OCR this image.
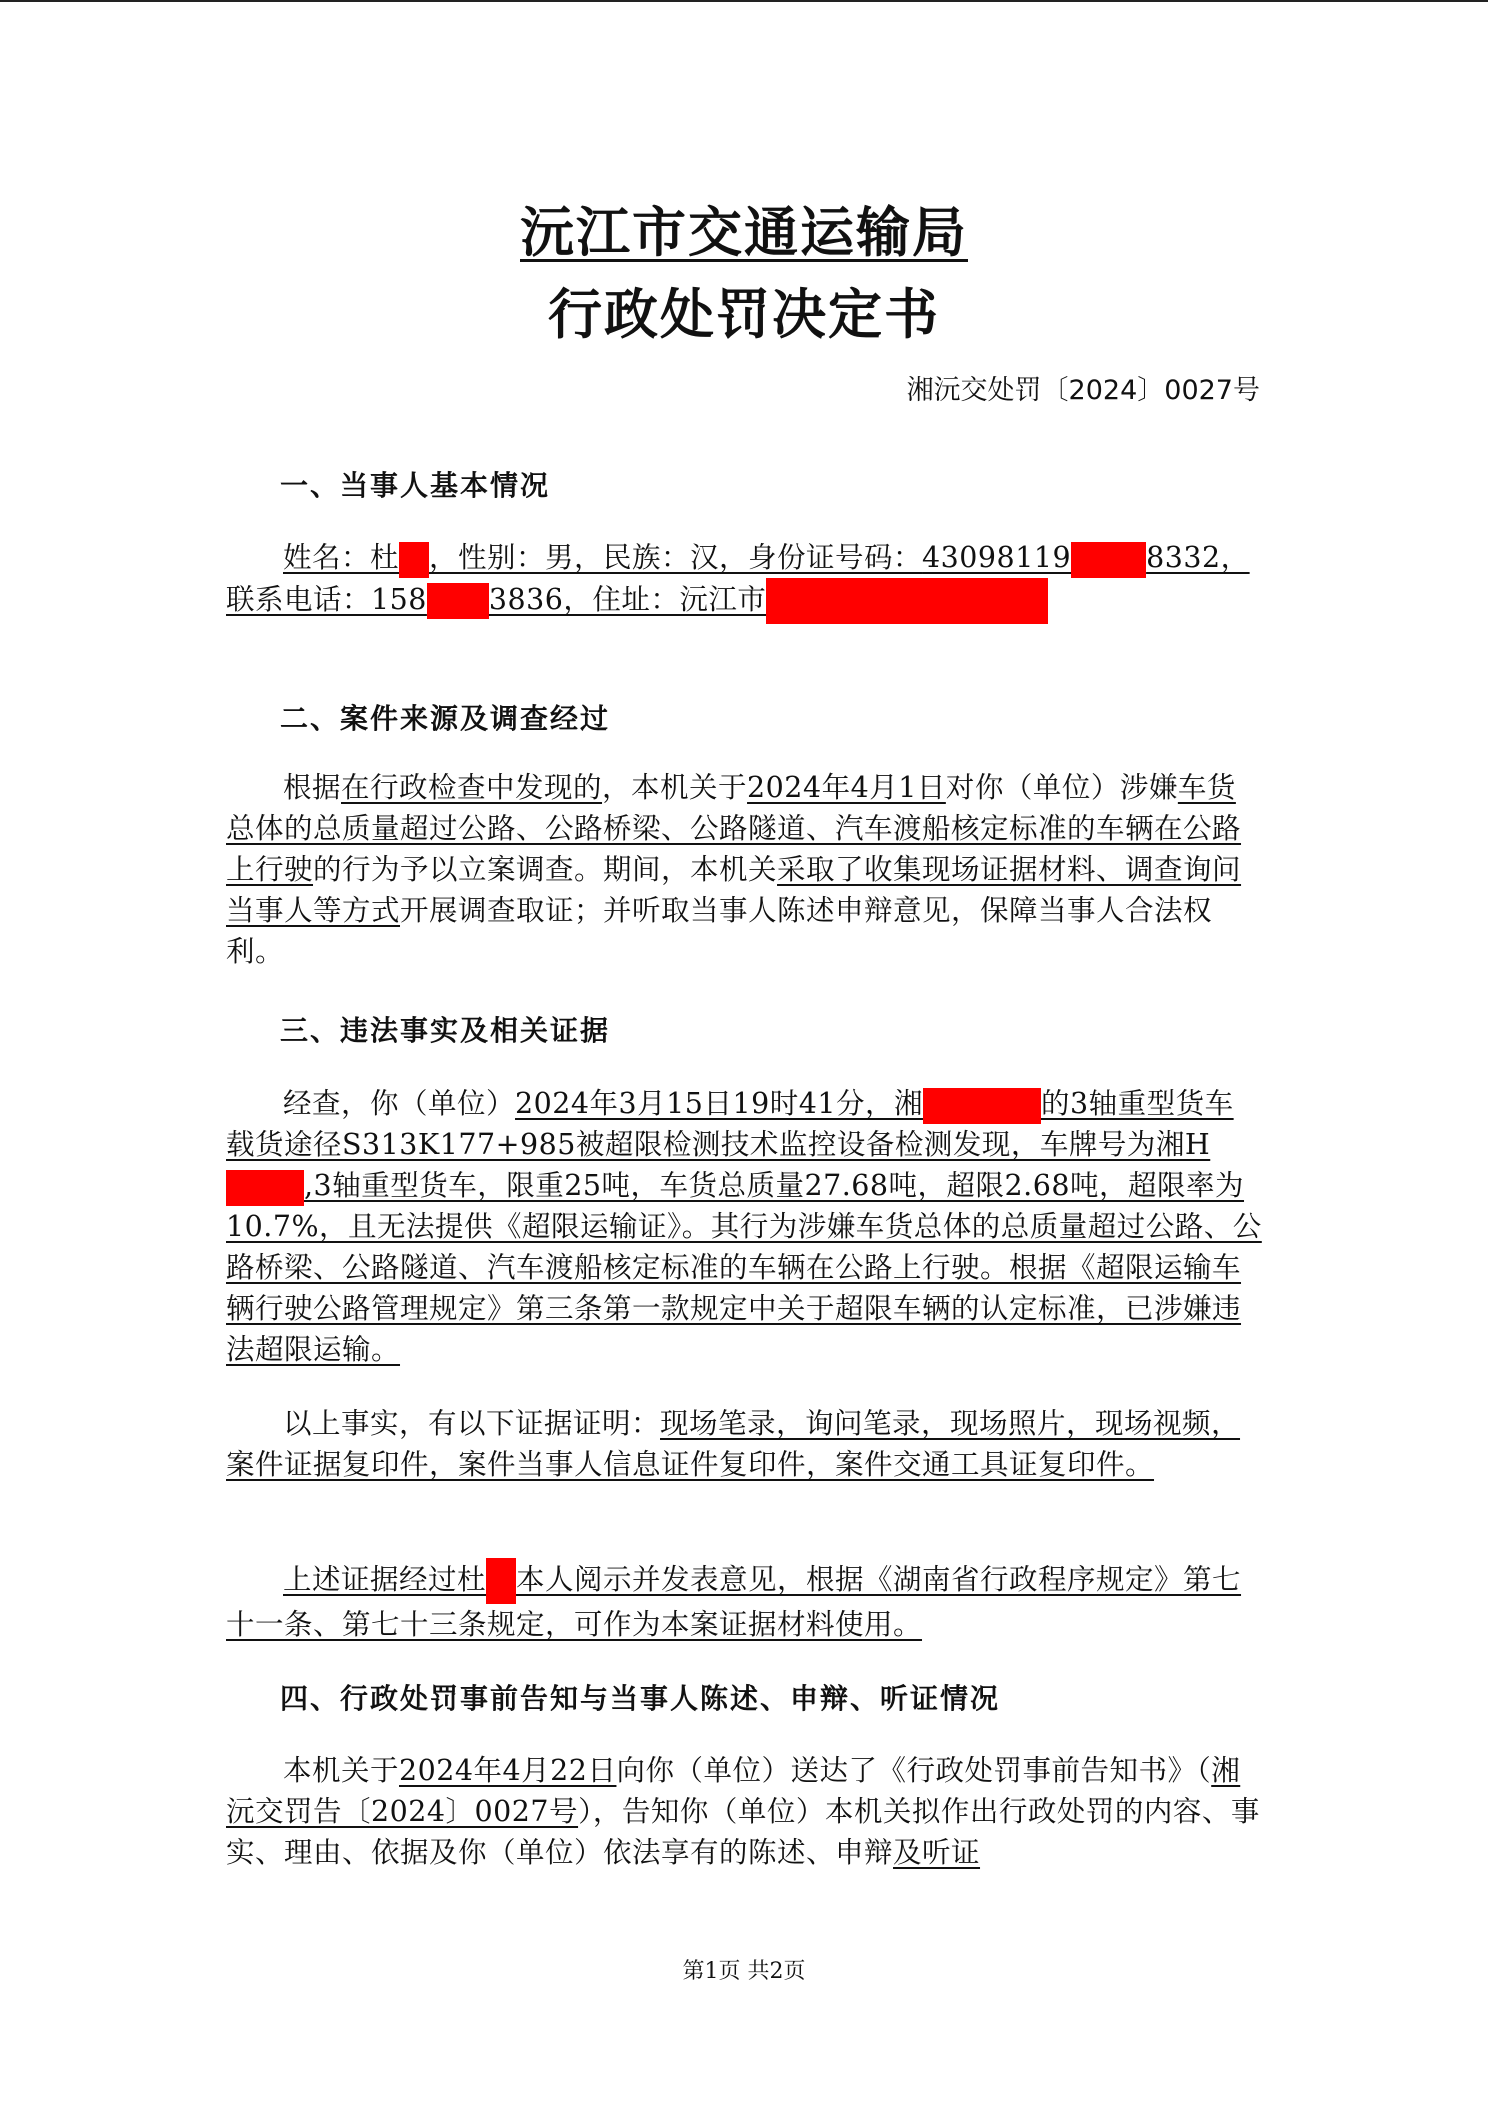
沅江市交通运输局
行政处罚决定书
湘沅交处罚〔2024〕0027号
一、当事人基本情况
姓名：杜 ，性别：男，民族：汉，身份证号码：43098119	8332，联系电话：158 3836，住址：沅江市
二、案件来源及调查经过
根据在行政检查中发现的，本机关于2024年4月1日对你（单位）涉嫌车货总体的总质量超过公路、公路桥梁、公路隧道、汽车渡船核定标准的车辆在公路上行驶的行为予以立案调查。期间，本机关采取了收集现场证据材料、调查询问当事人等方式开展调查取证；并听取当事人陈述申辩意见，保障当事人合法权利。
三、违法事实及相关证据
经查，你（单位）2024年3月15日19时41分，湘	的3轴重型货车载货途径S313K177+985被超限检测技术监控设备检测发现，车牌号为湘H,3轴重型货车，限重25吨，车货总质量27.68吨，超限2.68吨，超限率为10.7%，且无法提供《超限运输证》。其行为涉嫌车货总体的总质量超过公路、公路桥梁、公路隧道、汽车渡船核定标准的车辆在公路上行驶。根据《超限运输车辆行驶公路管理规定》第三条第一款规定中关于超限车辆的认定标准，已涉嫌违法超限运输。
以上事实，有以下证据证明：现场笔录，询问笔录，现场照片，现场视频，案件证据复印件，案件当事人信息证件复印件，案件交通工具证复印件。
上述证据经过杜 本人阅示并发表意见，根据《湖南省行政程序规定》第七十一条、第七十三条规定，可作为本案证据材料使用。
四、行政处罚事前告知与当事人陈述、申辩、听证情况
本机关于2024年4月22日向你（单位）送达了《行政处罚事前告知书》（湘沅交罚告〔2024〕0027号），告知你（单位）本机关拟作出行政处罚的内容、事实、理由、依据及你（单位）依法享有的陈述、申辩及听证
第1页 共2页
